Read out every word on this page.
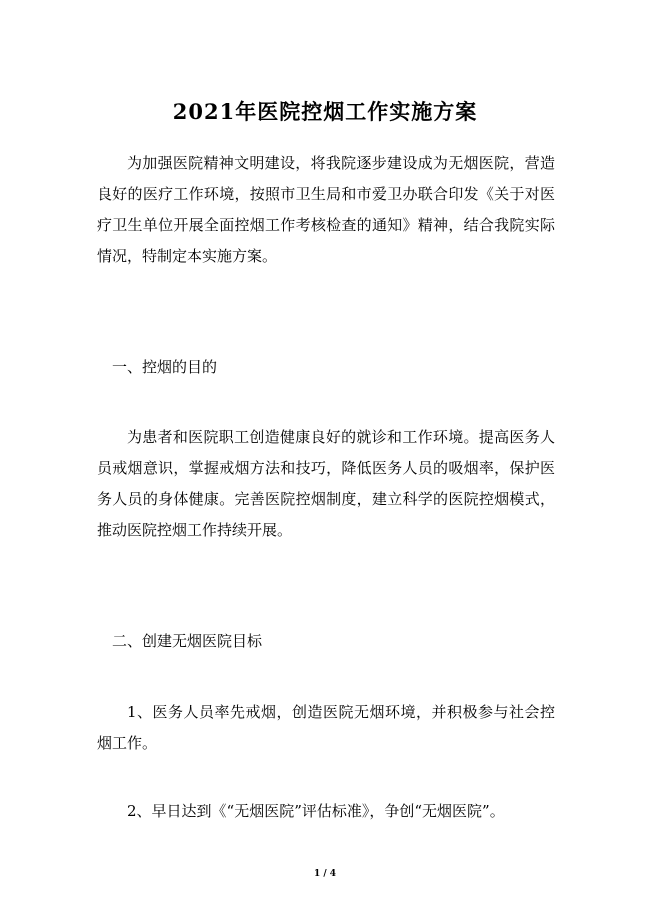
2021年医院控烟工作实施方案

为加强医院精神文明建设，将我院逐步建设成为无烟医院，营造良好的医疗工作环境，按照市卫生局和市爱卫办联合印发《关于对医疗卫生单位开展全面控烟工作考核检查的通知》精神，结合我院实际情况，特制定本实施方案。

一、控烟的目的

为患者和医院职工创造健康良好的就诊和工作环境。提高医务人员戒烟意识，掌握戒烟方法和技巧，降低医务人员的吸烟率，保护医务人员的身体健康。完善医院控烟制度，建立科学的医院控烟模式，推动医院控烟工作持续开展。

二、创建无烟医院目标

1、医务人员率先戒烟，创造医院无烟环境，并积极参与社会控烟工作。

2、早日达到《“无烟医院”评估标准》，争创“无烟医院”。

1 / 4
